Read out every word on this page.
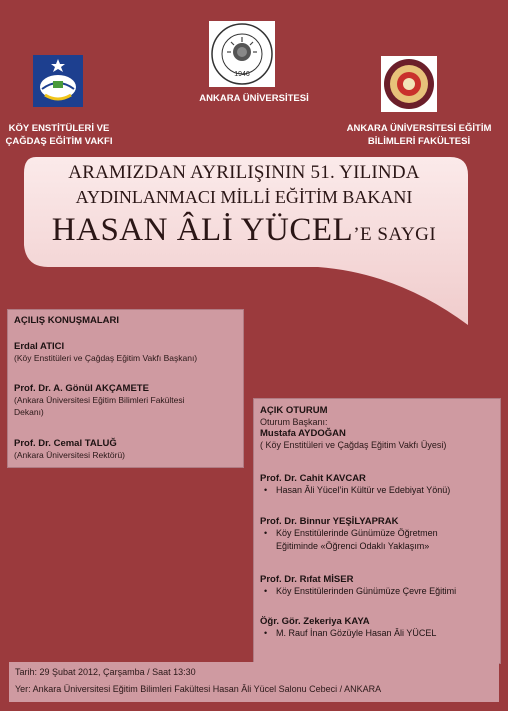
KÖY ENSTİTÜLERİ VE
ÇAĞDAŞ EĞİTİM VAKFI
1946
ANKARA ÜNİVERSİTESİ
ANKARA ÜNİVERSİTESİ EĞİTİM
BİLİMLERİ FAKÜLTESİ
ARAMIZDAN AYRILIŞININ 51. YILINDA
AYDINLANMACI MİLLİ EĞİTİM BAKANI
HASAN ÂLİ YÜCEL’E SAYGI
AÇILIŞ KONUŞMALARI
Erdal ATICI
(Köy Enstitüleri ve Çağdaş Eğitim Vakfı Başkanı)
Prof. Dr. A. Gönül AKÇAMETE
(Ankara Üniversitesi Eğitim Bilimleri Fakültesi
Dekanı)
Prof. Dr. Cemal TALUĞ
(Ankara Üniversitesi Rektörü)
AÇIK OTURUM
Oturum Başkanı:
Mustafa AYDOĞAN
( Köy Enstitüleri ve Çağdaş Eğitim Vakfı Üyesi)
Prof. Dr. Cahit KAVCAR
• Hasan Âli Yücel’in Kültür ve Edebiyat Yönü)
Prof. Dr. Binnur YEŞİLYAPRAK
• Köy Enstitülerinde Günümüze Öğretmen
Eğitiminde «Öğrenci Odaklı Yaklaşım»
Prof. Dr. Rıfat MİSER
• Köy Enstitülerinden Günümüze Çevre Eğitimi
Öğr. Gör. Zekeriya KAYA
• M. Rauf İnan Gözüyle Hasan Âli YÜCEL
Tarih: 29 Şubat 2012, Çarşamba / Saat 13:30
Yer: Ankara Üniversitesi Eğitim Bilimleri Fakültesi Hasan Âli Yücel Salonu Cebeci / ANKARA
